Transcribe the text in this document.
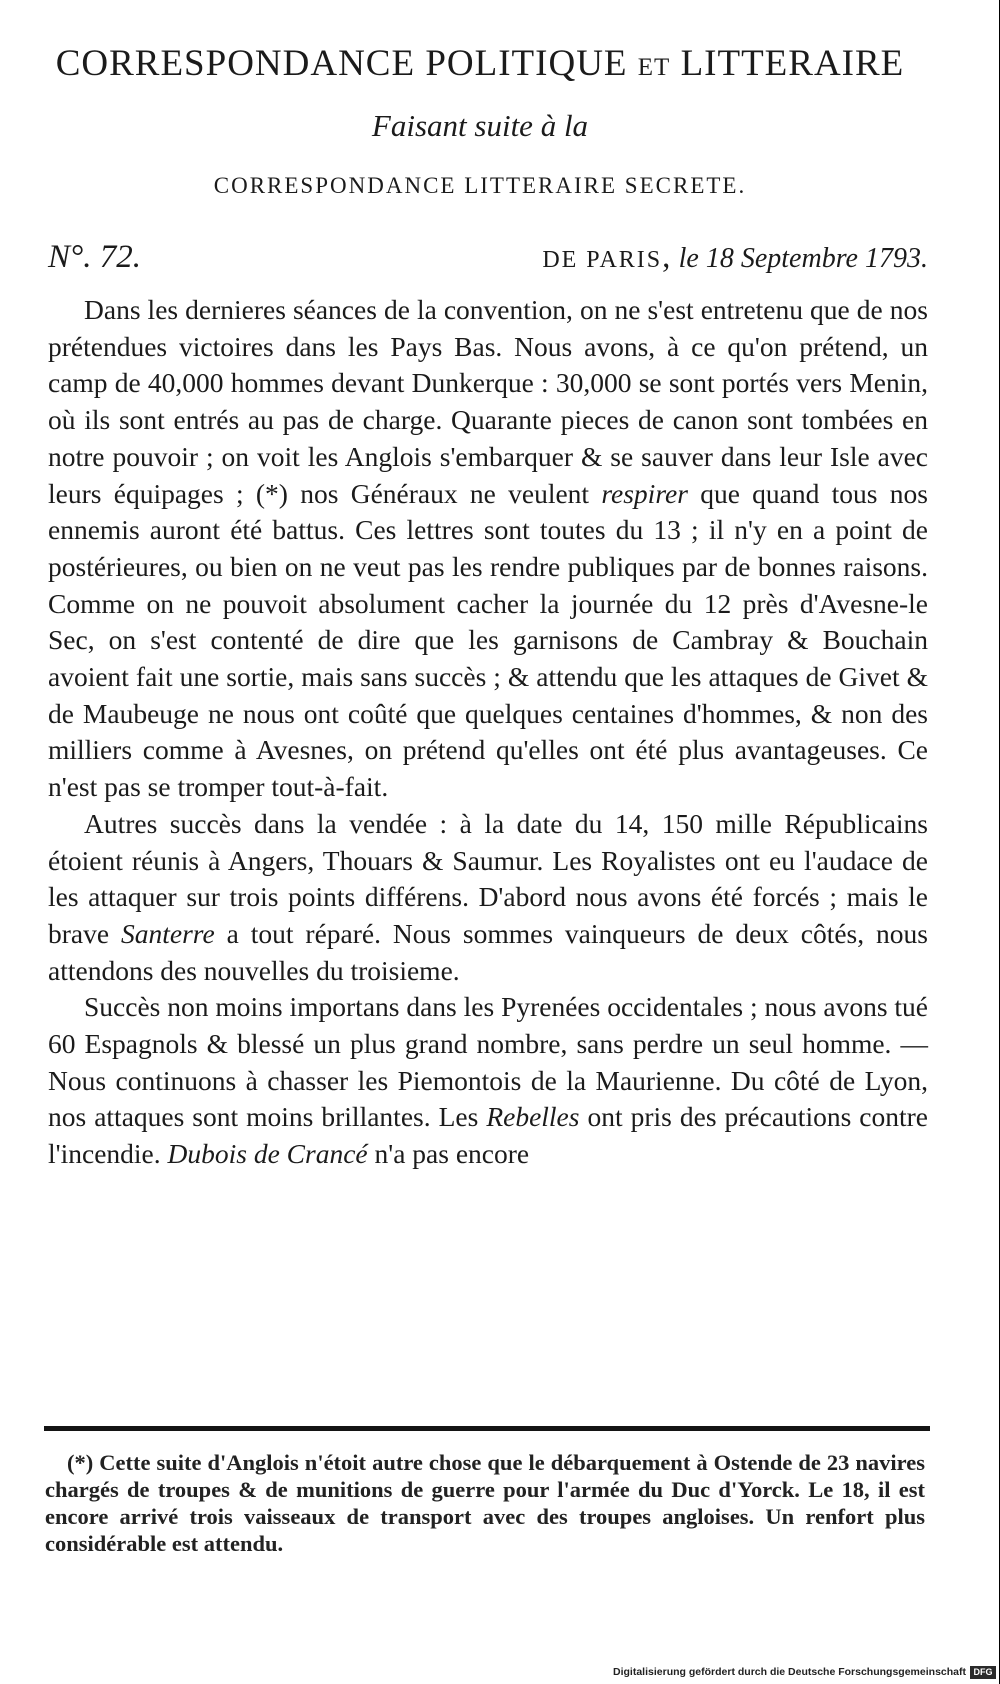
CORRESPONDANCE POLITIQUE ET LITTERAIRE
Faisant suite à la
CORRESPONDANCE LITTERAIRE SECRETE.
N°. 72.	DE PARIS, le 18 Septembre 1793.

Dans les dernieres séances de la convention, on ne s'est entretenu que de nos prétendues victoires dans les Pays Bas. Nous avons, à ce qu'on prétend, un camp de 40,000 hommes devant Dunkerque : 30,000 se sont portés vers Menin, où ils sont entrés au pas de charge. Quarante pieces de canon sont tombées en notre pouvoir ; on voit les Anglois s'embarquer & se sauver dans leur Isle avec leurs équipages ; (*) nos Généraux ne veulent respirer que quand tous nos ennemis auront été battus. Ces lettres sont toutes du 13 ; il n'y en a point de postérieures, ou bien on ne veut pas les rendre publiques par de bonnes raisons. Comme on ne pouvoit absolument cacher la journée du 12 près d'Avesne-le Sec, on s'est contenté de dire que les garnisons de Cambray & Bouchain avoient fait une sortie, mais sans succès ; & attendu que les attaques de Givet & de Maubeuge ne nous ont coûté que quelques centaines d'hommes, & non des milliers comme à Avesnes, on prétend qu'elles ont été plus avantageuses. Ce n'est pas se tromper tout-à-fait.

Autres succès dans la vendée : à la date du 14, 150 mille Républicains étoient réunis à Angers, Thouars & Saumur. Les Royalistes ont eu l'audace de les attaquer sur trois points différens. D'abord nous avons été forcés ; mais le brave Santerre a tout réparé. Nous sommes vainqueurs de deux côtés, nous attendons des nouvelles du troisieme.

Succès non moins importans dans les Pyrenées occidentales ; nous avons tué 60 Espagnols & blessé un plus grand nombre, sans perdre un seul homme. — Nous continuons à chasser les Piemontois de la Maurienne. Du côté de Lyon, nos attaques sont moins brillantes. Les Rebelles ont pris des précautions contre l'incendie. Dubois de Crancé n'a pas encore

(*) Cette suite d'Anglois n'étoit autre chose que le débarquement à Ostende de 23 navires chargés de troupes & de munitions de guerre pour l'armée du Duc d'Yorck. Le 18, il est encore arrivé trois vaisseaux de transport avec des troupes angloises. Un renfort plus considérable est attendu.

Digitalisierung gefördert durch die Deutsche Forschungsgemeinschaft DFG
